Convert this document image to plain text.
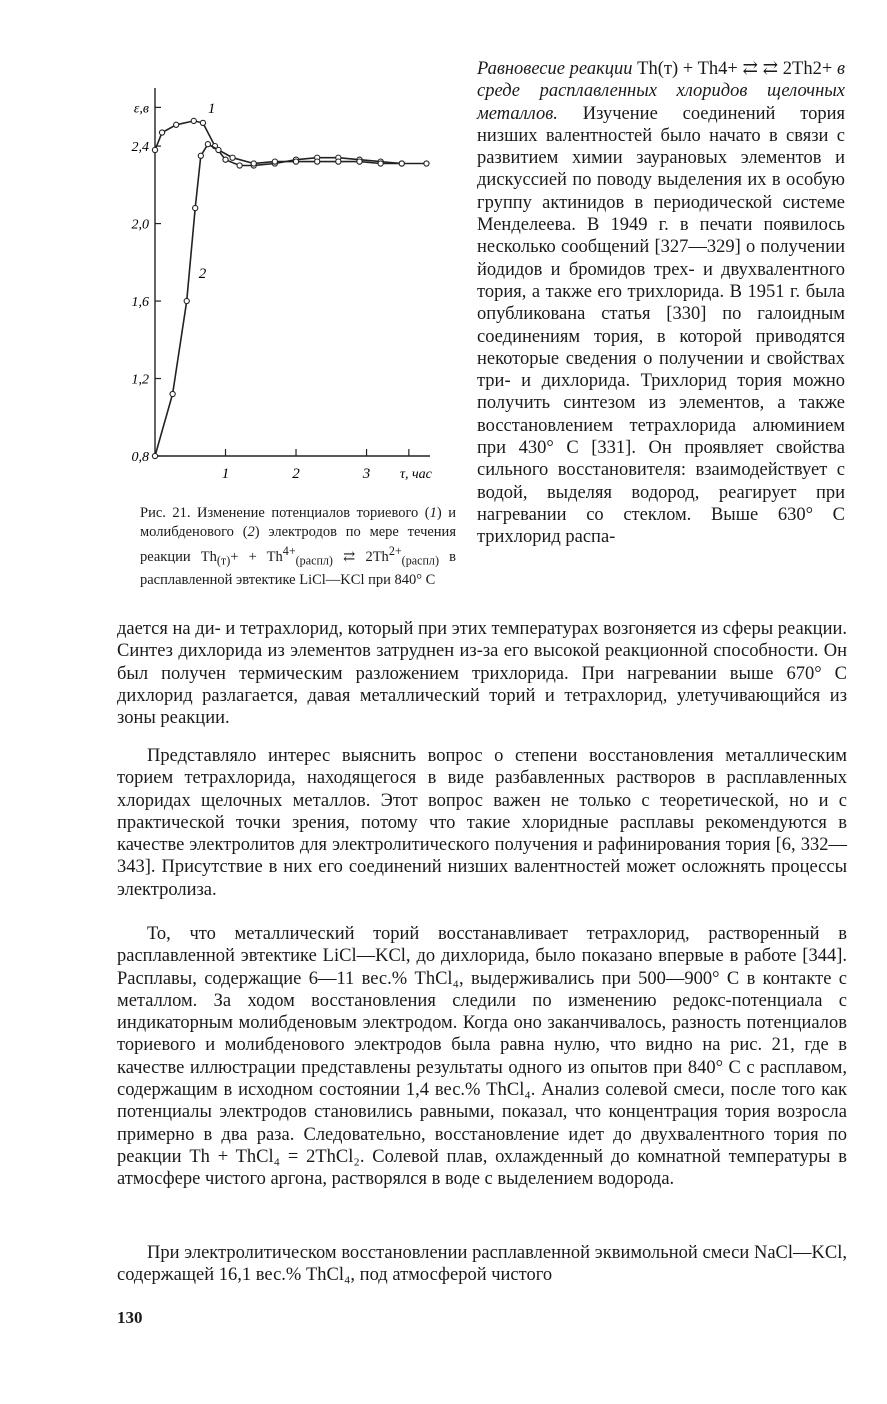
0,8
1,2
1,6
2,0
2,4
ε,в
1	2	3 τ, час
1
2
Рис. 21. Изменение потенциалов ториевого (1) и молибденового (2) электродов по мере течения реакции $Th_{(т)}+ + Th^{4+}_{(распл)}$ ⇄ $2Th^{2+}_{(распл)}$ в расплавленной эвтектике LiCl—KCl при 840° C
Равновесие реакции Th(т) + Th4+ ⇄ ⇄ 2Th2+ в среде расплавленных хлоридов щелочных металлов. Изучение соединений тория низших валентностей было начато в связи с развитием химии заурановых элементов и дискуссией по поводу выделения их в особую группу актинидов в периодической системе Менделеева. В 1949 г. в печати появилось несколько сообщений [327—329] о получении йодидов и бромидов трех- и двухвалентного тория, а также его трихлорида. В 1951 г. была опубликована статья [330] по галоидным соединениям тория, в которой приводятся некоторые сведения о получении и свойствах три- и дихлорида. Трихлорид тория можно получить синтезом из элементов, а также восстановлением тетрахлорида алюминием при 430° C [331]. Он проявляет свойства сильного восстановителя: взаимодействует с водой, выделяя водород, реагирует при нагревании со стеклом. Выше 630° C трихлорид распа-
дается на ди- и тетрахлорид, который при этих температурах возгоняется из сферы реакции. Синтез дихлорида из элементов затруднен из-за его высокой реакционной способности. Он был получен термическим разложением трихлорида. При нагревании выше 670° C дихлорид разлагается, давая металлический торий и тетрахлорид, улетучивающийся из зоны реакции.
Представляло интерес выяснить вопрос о степени восстановления металлическим торием тетрахлорида, находящегося в виде разбавленных растворов в расплавленных хлоридах щелочных металлов. Этот вопрос важен не только с теоретической, но и с практической точки зрения, потому что такие хлоридные расплавы рекомендуются в качестве электролитов для электролитического получения и рафинирования тория [6, 332—343]. Присутствие в них его соединений низших валентностей может осложнять процессы электролиза.
То, что металлический торий восстанавливает тетрахлорид, растворенный в расплавленной эвтектике LiCl—KCl, до дихлорида, было показано впервые в работе [344]. Расплавы, содержащие 6—11 вес.% ThCl₄, выдерживались при 500—900° C в контакте с металлом. За ходом восстановления следили по изменению редокс-потенциала с индикаторным молибденовым электродом. Когда оно заканчивалось, разность потенциалов ториевого и молибденового электродов была равна нулю, что видно на рис. 21, где в качестве иллюстрации представлены результаты одного из опытов при 840° C с расплавом, содержащим в исходном состоянии 1,4 вес.% ThCl₄. Анализ солевой смеси, после того как потенциалы электродов становились равными, показал, что концентрация тория возросла примерно в два раза. Следовательно, восстановление идет до двухвалентного тория по реакции Th + ThCl₄ = 2ThCl₂. Солевой плав, охлажденный до комнатной температуры в атмосфере чистого аргона, растворялся в воде с выделением водорода.
При электролитическом восстановлении расплавленной эквимольной смеси NaCl—KCl, содержащей 16,1 вес.% ThCl₄, под атмосферой чистого
130
